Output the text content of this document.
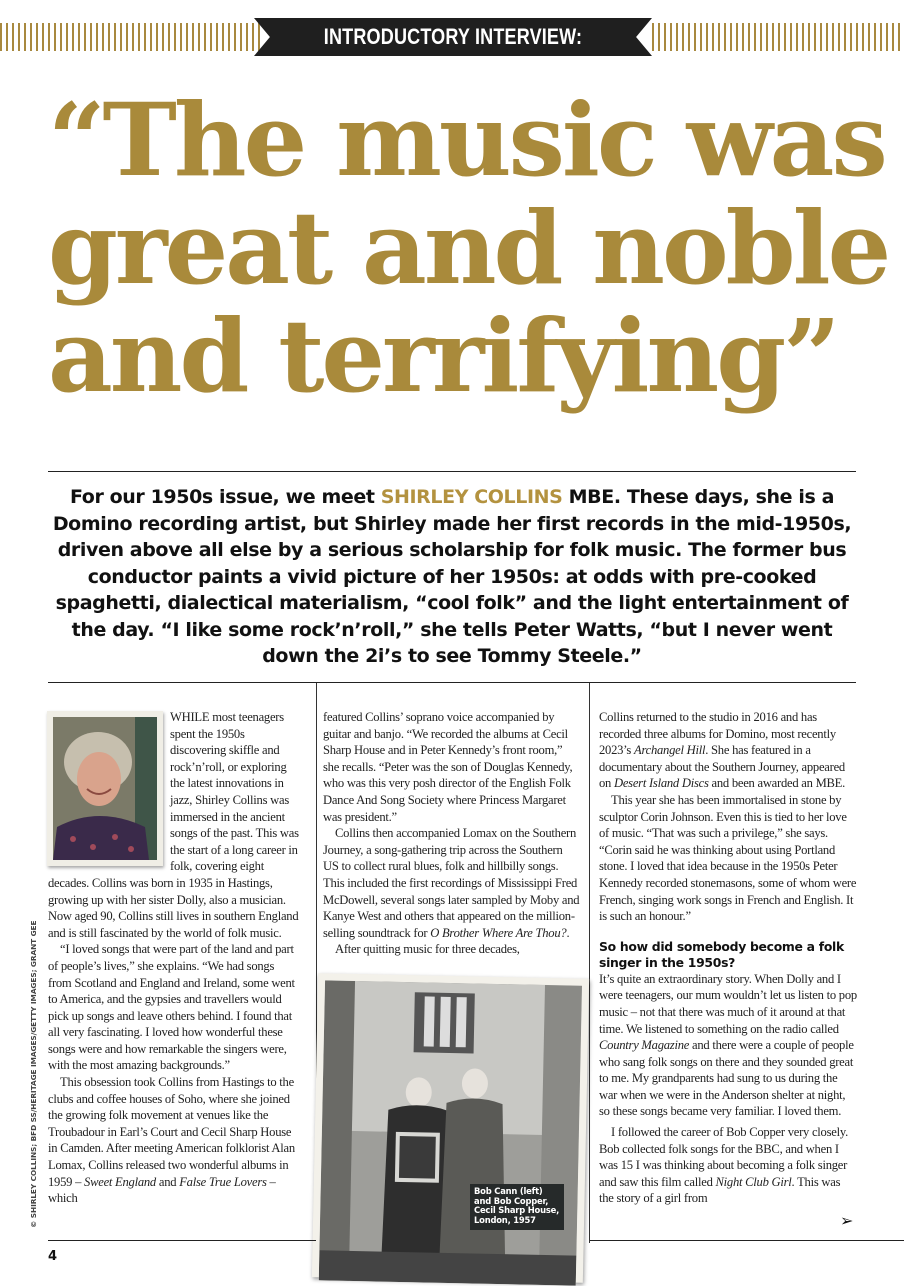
INTRODUCTORY INTERVIEW: SHIRLEY COLLINS
“The music was
great and noble
and terrifying”
For our 1950s issue, we meet SHIRLEY COLLINS MBE. These days, she is a Domino recording artist, but Shirley made her first records in the mid-1950s, driven above all else by a serious scholarship for folk music. The former bus conductor paints a vivid picture of her 1950s: at odds with pre-cooked spaghetti, dialectical materialism, “cool folk” and the light entertainment of the day. “I like some rock’n’roll,” she tells Peter Watts, “but I never went down the 2i’s to see Tommy Steele.”

WHILE most teenagers spent the 1950s discovering skiffle and rock’n’roll, or exploring the latest innovations in jazz, Shirley Collins was immersed in the ancient songs of the past. This was the start of a long career in folk, covering eight decades. Collins was born in 1935 in Hastings, growing up with her sister Dolly, also a musician. Now aged 90, Collins still lives in southern England and is still fascinated by the world of folk music.

“I loved songs that were part of the land and part of people’s lives,” she explains. “We had songs from Scotland and England and Ireland, some went to America, and the gypsies and travellers would pick up songs and leave others behind. I found that all very fascinating. I loved how wonderful these songs were and how remarkable the singers were, with the most amazing backgrounds.”

This obsession took Collins from Hastings to the clubs and coffee houses of Soho, where she joined the growing folk movement at venues like the Troubadour in Earl’s Court and Cecil Sharp House in Camden. After meeting American folklorist Alan Lomax, Collins released two wonderful albums in 1959 – Sweet England and False True Lovers – which

featured Collins’ soprano voice accompanied by guitar and banjo. “We recorded the albums at Cecil Sharp House and in Peter Kennedy’s front room,” she recalls. “Peter was the son of Douglas Kennedy, who was this very posh director of the English Folk Dance And Song Society where Princess Margaret was president.”

Collins then accompanied Lomax on the Southern Journey, a song-gathering trip across the Southern US to collect rural blues, folk and hillbilly songs. This included the first recordings of Mississippi Fred McDowell, several songs later sampled by Moby and Kanye West and others that appeared on the million-selling soundtrack for O Brother Where Are Thou?.

After quitting music for three decades,

Bob Cann (left) and Bob Copper, Cecil Sharp House, London, 1957

Collins returned to the studio in 2016 and has recorded three albums for Domino, most recently 2023’s Archangel Hill. She has featured in a documentary about the Southern Journey, appeared on Desert Island Discs and been awarded an MBE.

This year she has been immortalised in stone by sculptor Corin Johnson. Even this is tied to her love of music. “That was such a privilege,” she says. “Corin said he was thinking about using Portland stone. I loved that idea because in the 1950s Peter Kennedy recorded stonemasons, some of whom were French, singing work songs in French and English. It is such an honour.”

So how did somebody become a folk singer in the 1950s?

It’s quite an extraordinary story. When Dolly and I were teenagers, our mum wouldn’t let us listen to pop music – not that there was much of it around at that time. We listened to something on the radio called Country Magazine and there were a couple of people who sang folk songs on there and they sounded great to me. My grandparents had sung to us during the war when we were in the Anderson shelter at night, so these songs became very familiar. I loved them.

I followed the career of Bob Copper very closely. Bob collected folk songs for the BBC, and when I was 15 I was thinking about becoming a folk singer and saw this film called Night Club Girl. This was the story of a girl from

➢
4
© SHIRLEY COLLINS; BFD SS/HERITAGE IMAGES/GETTY IMAGES; GRANT GEE
